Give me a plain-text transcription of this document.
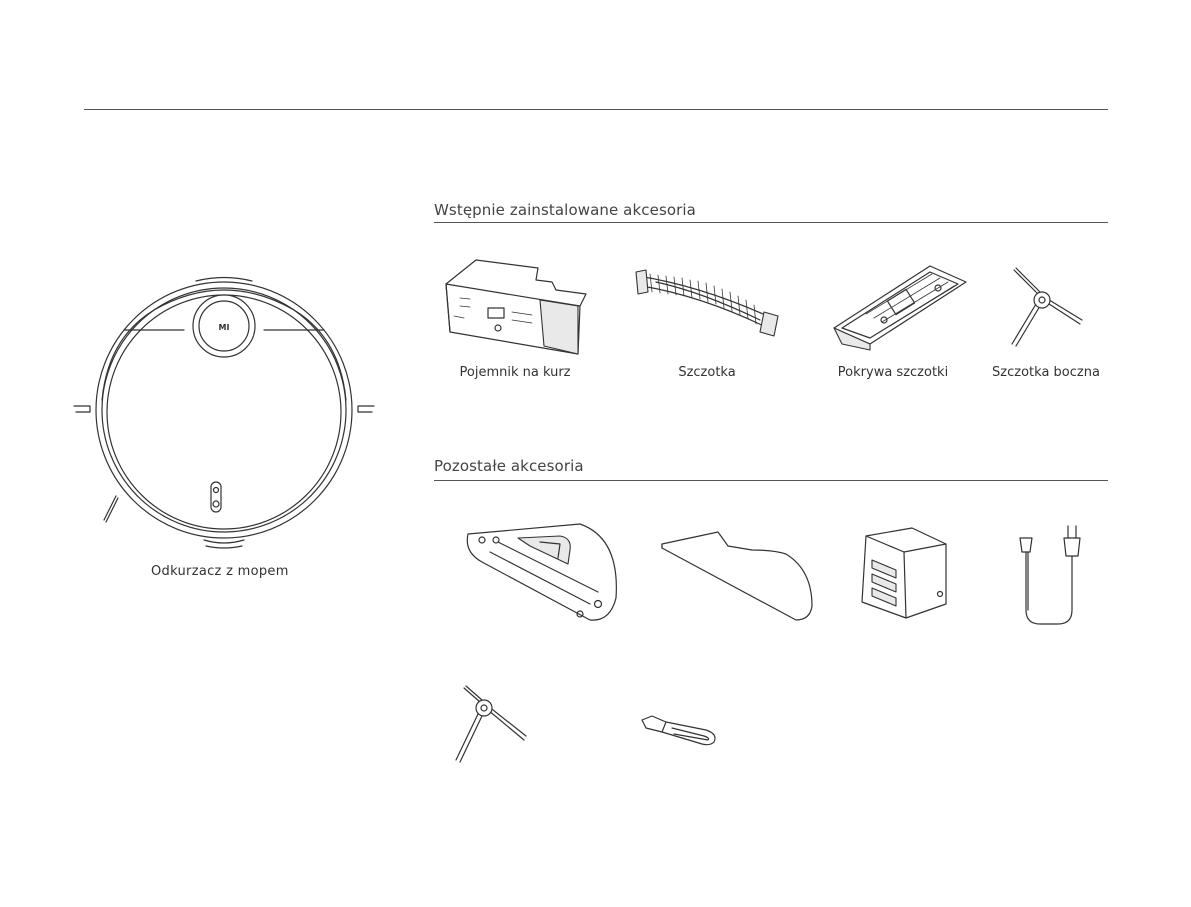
MI
Odkurzacz z mopem
Wstępnie zainstalowane akcesoria
Pojemnik na kurz	Szczotka	Pokrywa szczotki	Szczotka boczna
Pozostałe akcesoria
